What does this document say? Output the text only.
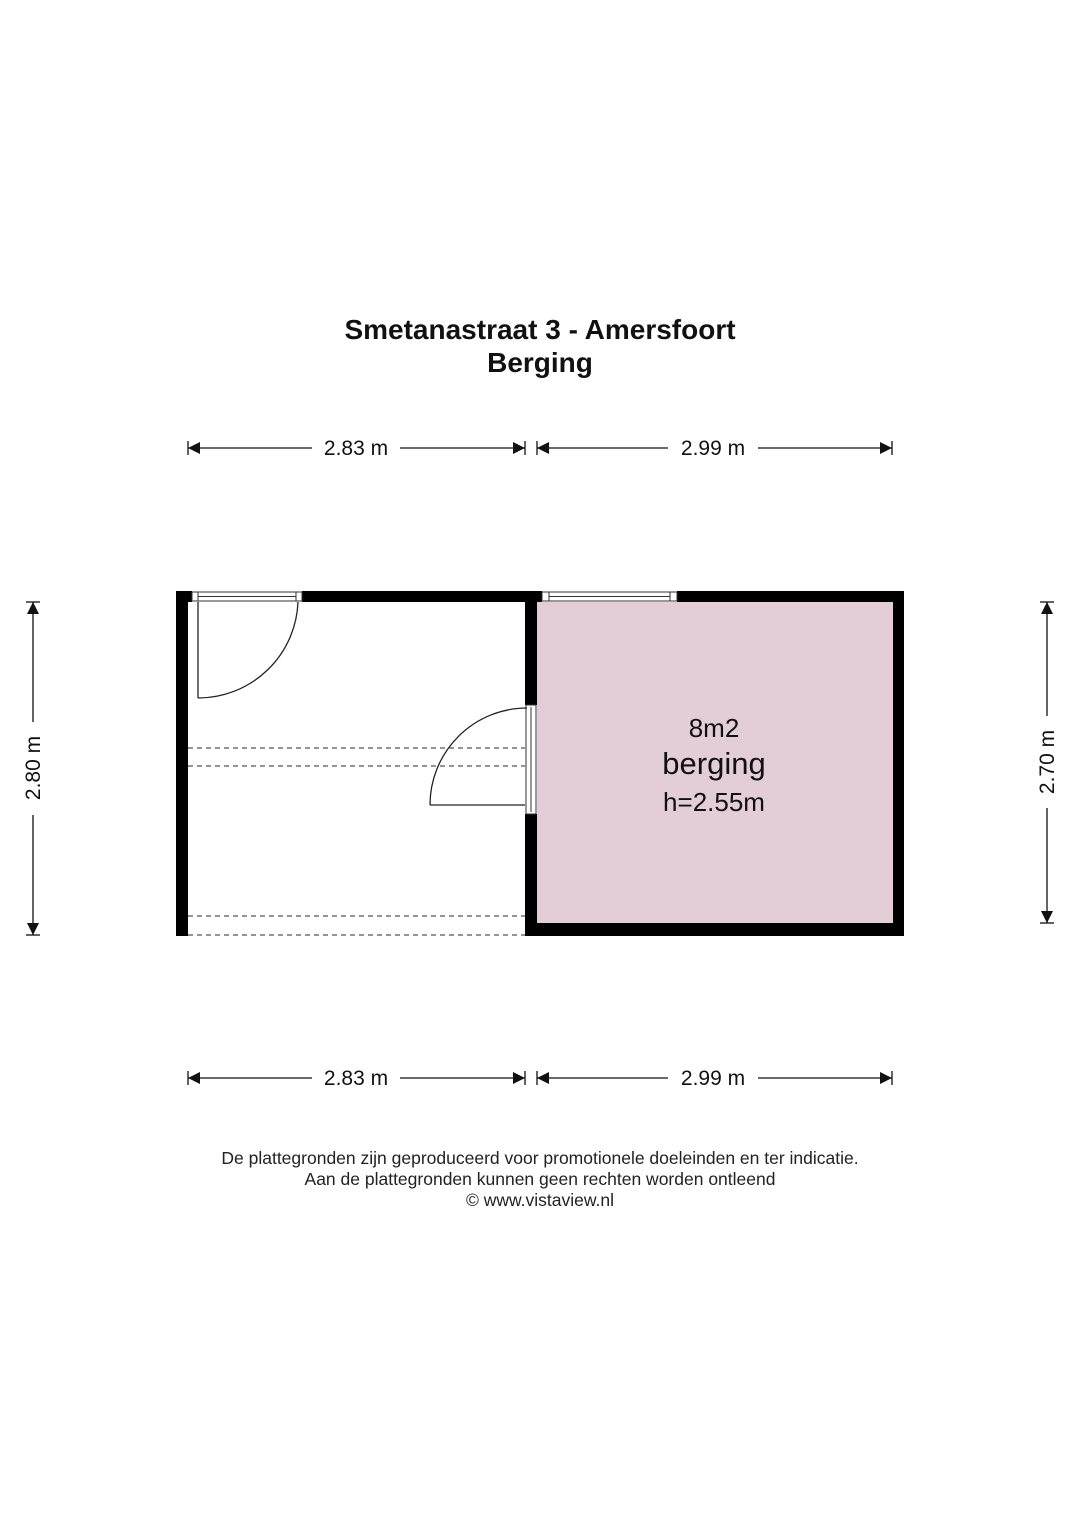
Smetanastraat 3 - Amersfoort
Berging
2.83 m	2.99 m
2.83 m	2.99 m
2.80 m	2.70 m
8m2
berging
h=2.55m
De plattegronden zijn geproduceerd voor promotionele doeleinden en ter indicatie.
Aan de plattegronden kunnen geen rechten worden ontleend
© www.vistaview.nl
